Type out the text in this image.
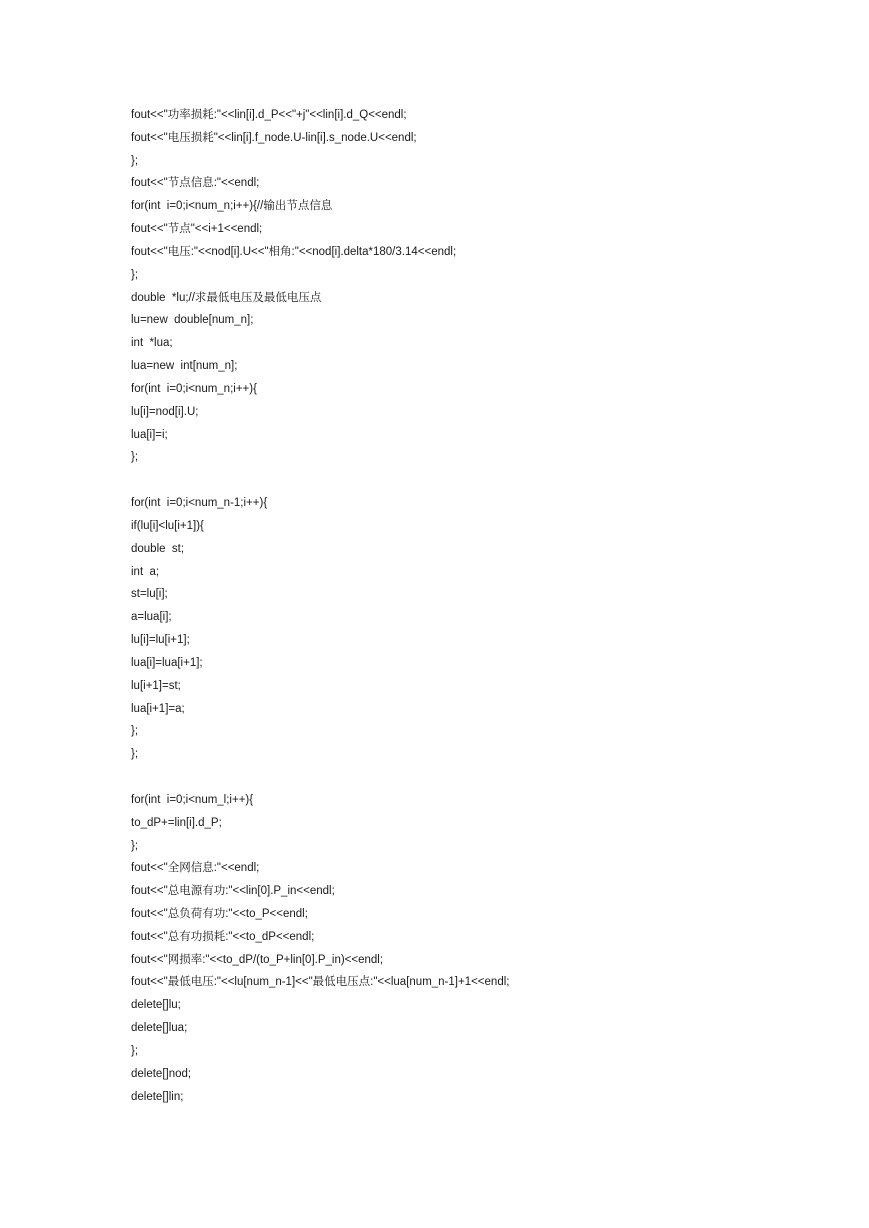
fout<<"功率损耗:"<<lin[i].d_P<<"+j"<<lin[i].d_Q<<endl;
fout<<"电压损耗"<<lin[i].f_node.U-lin[i].s_node.U<<endl;
};
fout<<"节点信息:"<<endl;
for(int  i=0;i<num_n;i++){//输出节点信息
fout<<"节点"<<i+1<<endl;
fout<<"电压:"<<nod[i].U<<"相角:"<<nod[i].delta*180/3.14<<endl;
};
double  *lu;//求最低电压及最低电压点
lu=new  double[num_n];
int  *lua;
lua=new  int[num_n];
for(int  i=0;i<num_n;i++){
lu[i]=nod[i].U;
lua[i]=i;
};
for(int  i=0;i<num_n-1;i++){
if(lu[i]<lu[i+1]){
double  st;
int  a;
st=lu[i];
a=lua[i];
lu[i]=lu[i+1];
lua[i]=lua[i+1];
lu[i+1]=st;
lua[i+1]=a;
};
};
for(int  i=0;i<num_l;i++){
to_dP+=lin[i].d_P;
};
fout<<"全网信息:"<<endl;
fout<<"总电源有功:"<<lin[0].P_in<<endl;
fout<<"总负荷有功:"<<to_P<<endl;
fout<<"总有功损耗:"<<to_dP<<endl;
fout<<"网损率:"<<to_dP/(to_P+lin[0].P_in)<<endl;
fout<<"最低电压:"<<lu[num_n-1]<<"最低电压点:"<<lua[num_n-1]+1<<endl;
delete[]lu;
delete[]lua;
};
delete[]nod;
delete[]lin;
